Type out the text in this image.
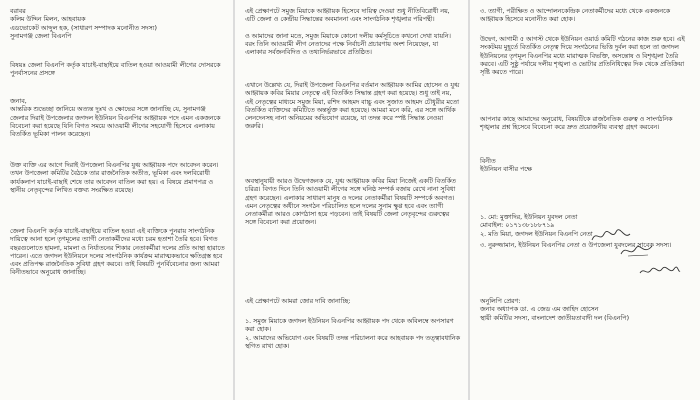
বরাবর
কলিম উদ্দিন মিলন, আহবায়ক
এডভোকেট আব্দুল হক, (সাধারণ সম্পাদক মনোনীত সদস্য)
সুনামগঞ্জ জেলা বিএনপি
বিষয়ঃ জেলা বিএনপি কর্তৃক যাচাই-বাছাইয়ে বাতিল হওয়া আওয়ামী লীগের দোসরকে পুনর্বাসনের প্রসঙ্গে
জনাব,
আন্তরিক শুভেচ্ছা জানিয়ে অত্যন্ত দুঃখ ও ক্ষোভের সঙ্গে জানাচ্ছি যে, সুনামগঞ্জ জেলার দিরাই উপজেলার জগদল ইউনিয়ন বিএনপির আহ্বায়ক পদে এমন একজনকে বিবেচনা করা হয়েছে যিনি বিগত সময়ে আওয়ামী লীগের সহযোগী হিসেবে এলাকায় বিতর্কিত ভূমিকা পালন করেছেন।
উক্ত ব্যক্তি এর আগে দিরাই উপজেলা বিএনপির যুগ্ম আহ্বায়ক পদে আবেদন করেন। তখন উপজেলা কমিটির বৈঠকে তার রাজনৈতিক অতীত, ভূমিকা এবং দলবিরোধী কার্যকলাপ যাচাই-বাছাই শেষে তার আবেদন বাতিল করা হয়। এ বিষয়ে প্রমাণপত্র ও স্থানীয় নেতৃবৃন্দের লিখিত বক্তব্য সংরক্ষিত রয়েছে।
জেলা বিএনপি কর্তৃক যাচাই-বাছাইয়ে বাতিল হওয়া এই ব্যক্তিকে পুনরায় সাংগঠনিক দায়িত্বে আনা হলে তৃণমূলের ত্যাগী নেতাকর্মীদের মধ্যে চরম হতাশা তৈরি হবে। বিগত বছরগুলোতে হামলা, মামলা ও নির্যাতনের শিকার নেতাকর্মীরা দলের প্রতি আস্থা হারাতে পারেন। এতে জগদল ইউনিয়নে দলের সাংগঠনিক কার্যক্রম মারাত্মকভাবে ক্ষতিগ্রস্ত হবে এবং প্রতিপক্ষ রাজনৈতিক সুবিধা গ্রহণ করবে। তাই বিষয়টি পুনর্বিবেচনার জন্য আমরা বিনীতভাবে অনুরোধ জানাচ্ছি।
এই প্রেক্ষাপটে সমুজ মিয়াকে আহ্বায়ক হিসেবে দায়িত্ব দেওয়া শুধু নীতিবিরোধী নয়, এটি জেলা ও কেন্দ্রীয় সিদ্ধান্তের অবমাননা এবং সাংগঠনিক শৃঙ্খলার পরিপন্থী।

ও আমাদের জানা মতে, সমুজ মিয়াকে কোনো দলীয় কর্মসূচিতে কখনো দেখা যায়নি। বরং তিনি আওয়ামী লীগ নেতাদের পক্ষে নির্বাচনী প্রচারণায় অংশ নিয়েছেন, যা এলাকার সর্বজনবিদিত ও তথ্যনির্ভরভাবে প্রতিষ্ঠিত।
এখানে উল্লেখ্য যে, দিরাই উপজেলা বিএনপির বর্তমান আহ্বায়ক আমির হোসেন ও যুগ্ম আহ্বায়ক কবির মিয়ার নেতৃত্বে এই বিতর্কিত সিদ্ধান্ত গ্রহণ করা হয়েছে। শুধু তাই নয়, এই নেতৃত্বের মাধ্যমে সমুজ মিয়া, রশিদ আহমদ বাচ্চু এবং সুজাত আহমদ চৌধুরীর মতো বিতর্কিত ব্যক্তিদের কমিটিতে অন্তর্ভুক্ত করা হয়েছে। আমরা মনে করি, এর সঙ্গে আর্থিক লেনদেনসহ নানা অনিয়মের অভিযোগ রয়েছে, যা তদন্ত করে স্পষ্ট সিদ্ধান্ত নেওয়া জরুরি।
অবস্থানুযায়ী আরও উদ্বেগজনক যে, যুগ্ম আহ্বায়ক কবির মিয়া নিজেই একটি বিতর্কিত চরিত্র। বিগত দিনে তিনি আওয়ামী লীগের সঙ্গে ঘনিষ্ঠ সম্পর্ক বজায় রেখে নানা সুবিধা গ্রহণ করেছেন। এলাকার সাধারণ মানুষ ও দলের নেতাকর্মীরা বিষয়টি সম্পর্কে অবগত। এমন নেতৃত্বের অধীনে সংগঠন পরিচালিত হলে দলের সুনাম ক্ষুণ্ণ হবে এবং ত্যাগী নেতাকর্মীরা আরও কোণঠাসা হয়ে পড়বেন। তাই বিষয়টি জেলা নেতৃবৃন্দের গুরুত্বের সঙ্গে বিবেচনা করা প্রয়োজন।
এই প্রেক্ষাপটে আমরা জোর দাবি জানাচ্ছি:
১. সমুজ মিয়াকে জগদল ইউনিয়ন বিএনপির আহ্বায়ক পদ থেকে অবিলম্বে অপসারণ করা হোক।
২. আমাদের অভিযোগ এবং বিষয়টি তদন্ত পরিচালনা করে আহবায়ক পদ তত্ত্বাবধানিক স্থগিত রাখা হোক।
৩. ত্যাগী, পরীক্ষিত ও আন্দোলনকেন্দ্রিক নেতাকর্মীদের মধ্যে থেকে একজনকে আহ্বায়ক হিসেবে মনোনীত করা হোক।
উদ্বেগ, আগামী ৫ আগস্ট থেকে ইউনিয়ন ওয়ার্ড কমিটি গঠনের কাজ শুরু হবে। এই সংকটময় মুহূর্তে বিতর্কিত নেতৃত্ব দিয়ে সংগঠনের ভিত্তি দুর্বল করা হলে তা জগদল ইউনিয়নের তৃণমূল বিএনপির মধ্যে মারাত্মক বিভক্তি, অসন্তোষ ও বিশৃঙ্খলা তৈরি করবে। এটি সুষ্ঠু পর্যায়ে দলীয় শৃঙ্খলা ও ভোটার প্রতিনিধিত্বের দিক থেকে প্রতিক্রিয়া সৃষ্টি করতে পারে।
আপনার কাছে আমাদের অনুরোধ, বিষয়টিকে রাজনৈতিক গুরুত্ব ও সাংগঠনিক শৃঙ্খলার প্রশ্ন হিসেবে বিবেচনা করে দ্রুত প্রয়োজনীয় ব্যবস্থা গ্রহণ করবেন।
বিনীত
ইউনিয়ন বাসীর পক্ষে
১. মো: মুক্তাদির, ইউনিয়ন যুবদল নেতা
মোবাইল: ০১৭১৩৮১৮৮৭১৯
২. মতি মিয়া, জগদল ইউনিয়ন বিএনপি নেতা
৩. নুরুজ্জামান, ইউনিয়ন বিএনপির নেতা ও উপজেলা যুবদলের সাবেক সদস্য।
অনুলিপি প্রেরণ:
জনাব অধ্যাপক ডা. এ জেড এম জাহিদ হোসেন
স্থায়ী কমিটির সদস্য, বাংলাদেশ জাতীয়তাবাদী দল (বিএনপি)
